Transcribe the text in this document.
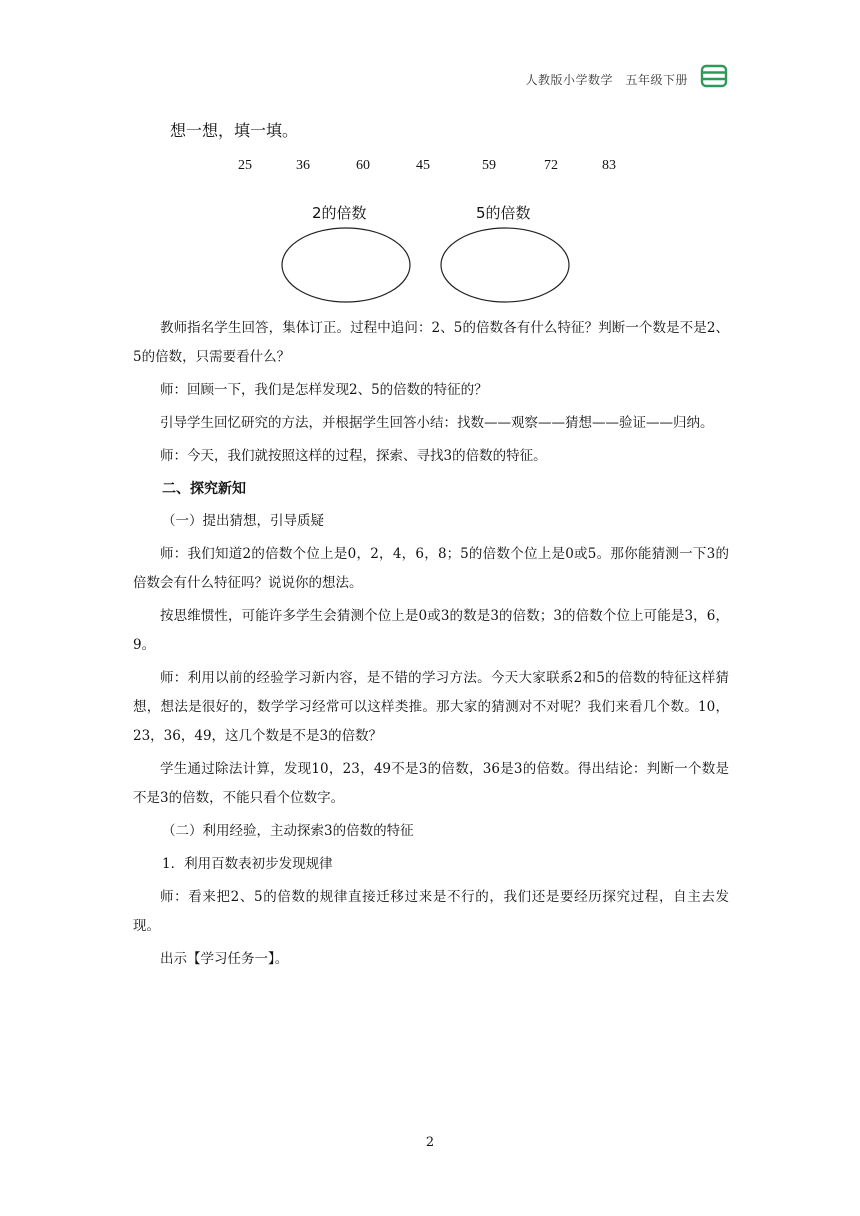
人教版小学数学　五年级下册
想一想，填一填。
25	36	60	45	59	72	83
2的倍数	5的倍数

教师指名学生回答，集体订正。过程中追问：2、5的倍数各有什么特征？判断一个数是不是2、5的倍数，只需要看什么？

师：回顾一下，我们是怎样发现2、5的倍数的特征的？

引导学生回忆研究的方法，并根据学生回答小结：找数——观察——猜想——验证——归纳。

师：今天，我们就按照这样的过程，探索、寻找3的倍数的特征。

二、探究新知

（一）提出猜想，引导质疑

师：我们知道2的倍数个位上是0，2，4，6，8；5的倍数个位上是0或5。那你能猜测一下3的倍数会有什么特征吗？说说你的想法。

按思维惯性，可能许多学生会猜测个位上是0或3的数是3的倍数；3的倍数个位上可能是3，6，9。

师：利用以前的经验学习新内容，是不错的学习方法。今天大家联系2和5的倍数的特征这样猜想，想法是很好的，数学学习经常可以这样类推。那大家的猜测对不对呢？我们来看几个数。10，23，36，49，这几个数是不是3的倍数？

学生通过除法计算，发现10，23，49不是3的倍数，36是3的倍数。得出结论：判断一个数是不是3的倍数，不能只看个位数字。

（二）利用经验，主动探索3的倍数的特征

1．利用百数表初步发现规律

师：看来把2、5的倍数的规律直接迁移过来是不行的，我们还是要经历探究过程，自主去发现。

出示【学习任务一】。

2
